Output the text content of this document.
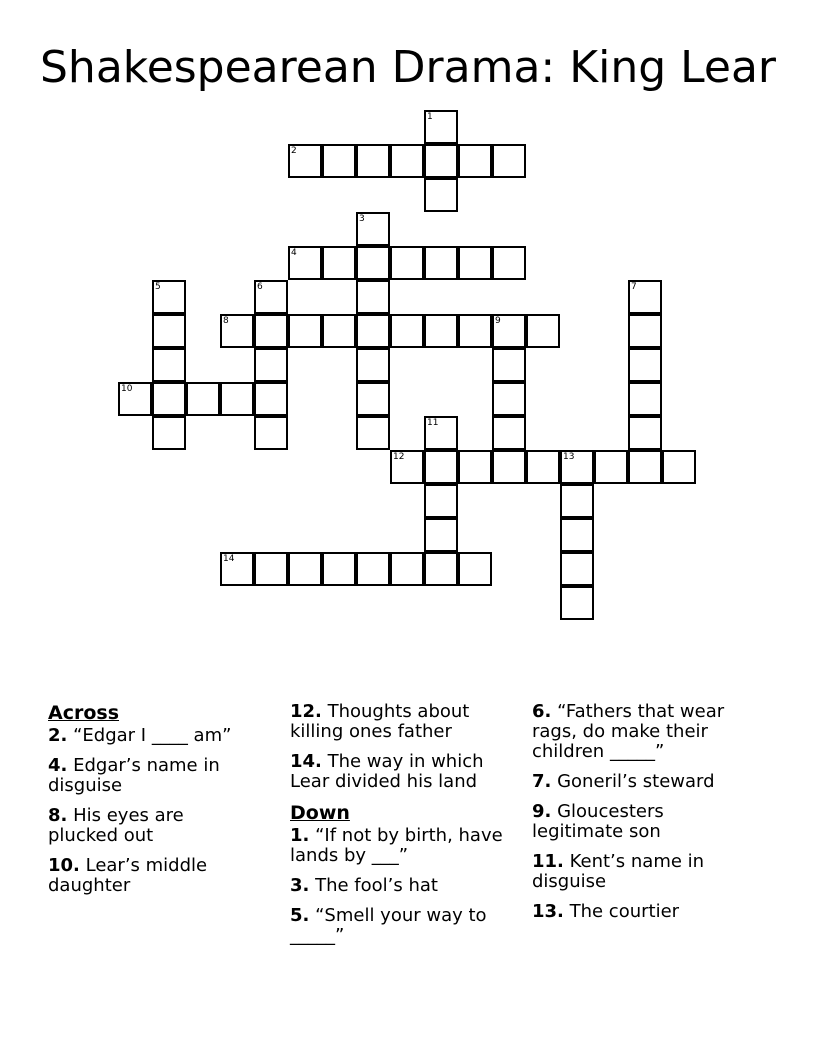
Shakespearean Drama: King Lear
1
2
3
4
5	6	7
8	9
10
11
12	13
14
Across
2. “Edgar I ____ am”
4. Edgar’s name in disguise
8. His eyes are plucked out
10. Lear’s middle daughter
12. Thoughts about killing ones father
14. The way in which Lear divided his land
Down
1. “If not by birth, have lands by ___”
3. The fool’s hat
5. “Smell your way to _____”
6. “Fathers that wear rags, do make their children _____”
7. Goneril’s steward
9. Gloucesters legitimate son
11. Kent’s name in disguise
13. The courtier
